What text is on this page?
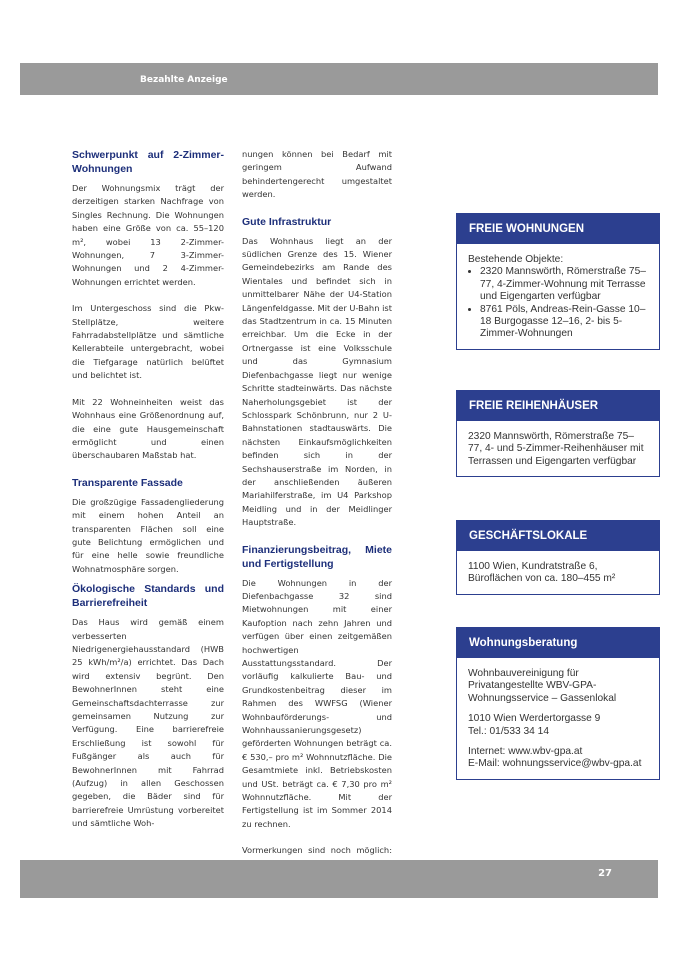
Bezahlte Anzeige
Schwerpunkt auf 2-Zimmer-Wohnungen

Der Wohnungsmix trägt der derzeitigen starken Nachfrage von Singles Rechnung. Die Wohnungen haben eine Größe von ca. 55–120 m², wobei 13 2-Zimmer-Wohnungen, 7 3-Zimmer-Wohnungen und 2 4-Zimmer-Wohnungen errichtet werden.

Im Untergeschoss sind die Pkw-Stellplätze, weitere Fahrradabstellplätze und sämtliche Kellerabteile untergebracht, wobei die Tiefgarage natürlich belüftet und belichtet ist.

Mit 22 Wohneinheiten weist das Wohnhaus eine Größenordnung auf, die eine gute Hausgemeinschaft ermöglicht und einen überschaubaren Maßstab hat.

Transparente Fassade

Die großzügige Fassadengliederung mit einem hohen Anteil an transparenten Flächen soll eine gute Belichtung ermöglichen und für eine helle sowie freundliche Wohnatmosphäre sorgen.

Ökologische Standards und Barrierefreiheit

Das Haus wird gemäß einem verbesserten Niedrigenergiehausstandard (HWB 25 kWh/m²/a) errichtet. Das Dach wird extensiv begrünt. Den BewohnerInnen steht eine Gemeinschaftsdachterrasse zur gemeinsamen Nutzung zur Verfügung. Eine barrierefreie Erschließung ist sowohl für Fußgänger als auch für BewohnerInnen mit Fahrrad (Aufzug) in allen Geschossen gegeben, die Bäder sind für barrierefreie Umrüstung vorbereitet und sämtliche Woh-

nungen können bei Bedarf mit geringem Aufwand behindertengerecht umgestaltet werden.

Gute Infrastruktur

Das Wohnhaus liegt an der südlichen Grenze des 15. Wiener Gemeindebezirks am Rande des Wientales und befindet sich in unmittelbarer Nähe der U4-Station Längenfeldgasse. Mit der U-Bahn ist das Stadtzentrum in ca. 15 Minuten erreichbar. Um die Ecke in der Ortnergasse ist eine Volksschule und das Gymnasium Diefenbachgasse liegt nur wenige Schritte stadteinwärts. Das nächste Naherholungsgebiet ist der Schlosspark Schönbrunn, nur 2 U-Bahnstationen stadtauswärts. Die nächsten Einkaufsmöglichkeiten befinden sich in der Sechshauserstraße im Norden, in der anschließenden äußeren Mariahilferstraße, im U4 Parkshop Meidling und in der Meidlinger Hauptstraße.

Finanzierungsbeitrag, Miete und Fertigstellung

Die Wohnungen in der Diefenbachgasse 32 sind Mietwohnungen mit einer Kaufoption nach zehn Jahren und verfügen über einen zeitgemäßen hochwertigen Ausstattungsstandard. Der vorläufig kalkulierte Bau- und Grundkostenbeitrag dieser im Rahmen des WWFSG (Wiener Wohnbauförderungs- und Wohnhaussanierungsgesetz) geförderten Wohnungen beträgt ca. € 530,– pro m² Wohnnutzfläche. Die Gesamtmiete inkl. Betriebskosten und USt. beträgt ca. € 7,30 pro m² Wohnnutzfläche. Mit der Fertigstellung ist im Sommer 2014 zu rechnen.

Vormerkungen sind noch möglich:

FREIE WOHNUNGEN
Bestehende Objekte:
• 2320 Mannswörth, Römerstraße 75–77, 4-Zimmer-Wohnung mit Terrasse und Eigengarten verfügbar
• 8761 Pöls, Andreas-Rein-Gasse 10–18 Burgogasse 12–16, 2- bis 5-Zimmer-Wohnungen
FREIE REIHENHÄUSER
2320 Mannswörth, Römerstraße 75–77, 4- und 5-Zimmer-Reihenhäuser mit Terrassen und Eigengarten verfügbar
GESCHÄFTSLOKALE
1100 Wien, Kundratstraße 6, Büroflächen von ca. 180–455 m²
Wohnungsberatung
Wohnbauvereinigung für Privatangestellte WBV-GPA-Wohnungsservice – Gassenlokal
1010 Wien Werdertorgasse 9
Tel.: 01/533 34 14
Internet: www.wbv-gpa.at
E-Mail: wohnungsservice@wbv-gpa.at
27
